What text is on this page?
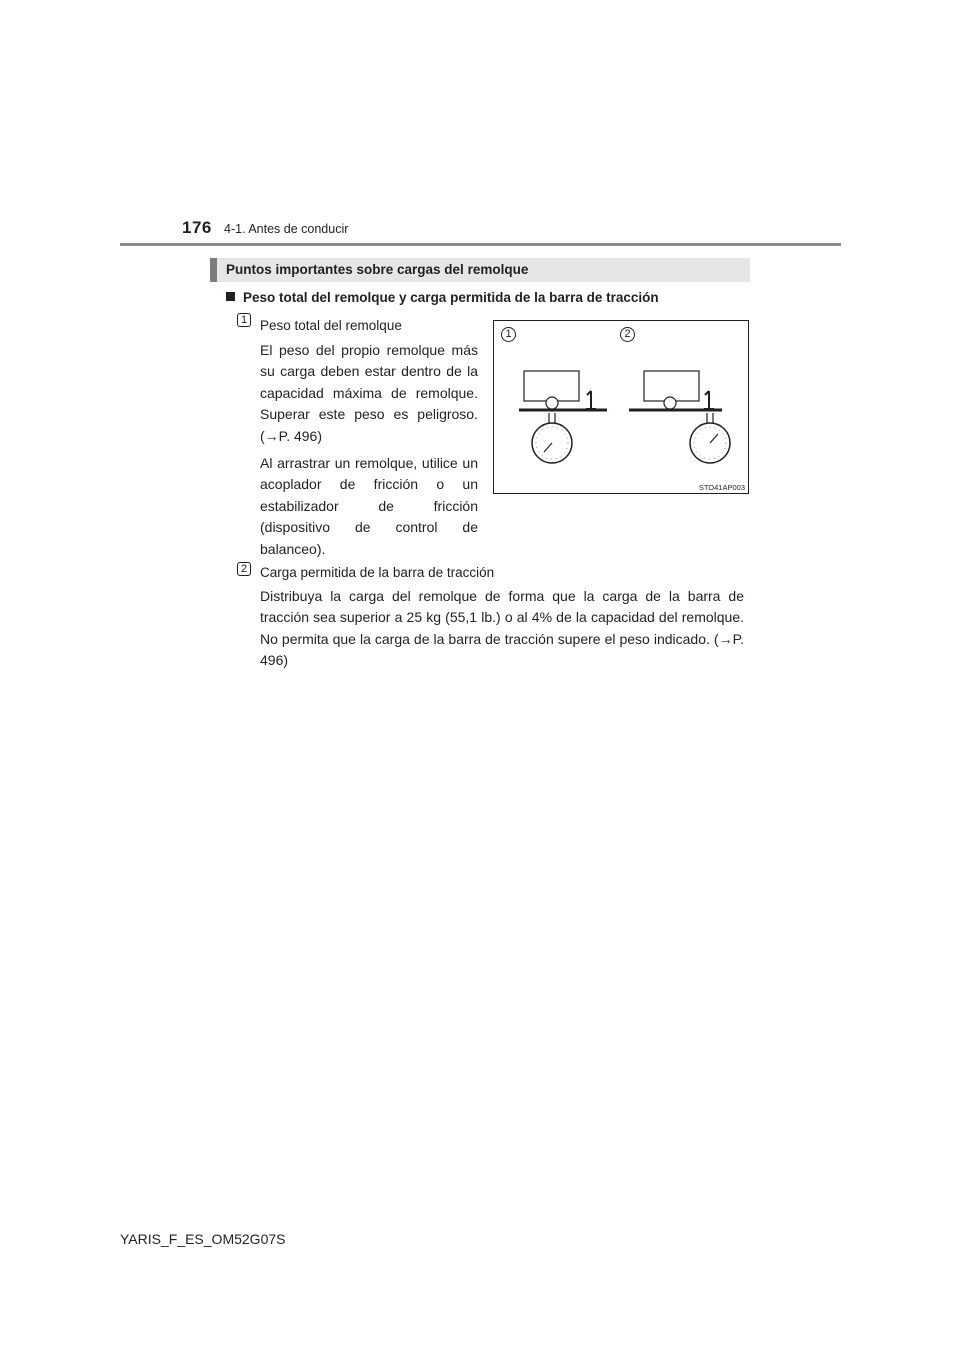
176 4-1. Antes de conducir
Puntos importantes sobre cargas del remolque
Peso total del remolque y carga permitida de la barra de tracción
1 Peso total del remolque

El peso del propio remolque más su carga deben estar dentro de la capacidad máxima de remolque. Superar este peso es peligroso. (→P. 496)

Al arrastrar un remolque, utilice un acoplador de fricción o un estabilizador de fricción (dispositivo de control de balanceo).

1	2
STO41AP003
2 Carga permitida de la barra de tracción

Distribuya la carga del remolque de forma que la carga de la barra de tracción sea superior a 25 kg (55,1 lb.) o al 4% de la capacidad del remolque. No permita que la carga de la barra de tracción supere el peso indicado. (→P. 496)

YARIS_F_ES_OM52G07S
